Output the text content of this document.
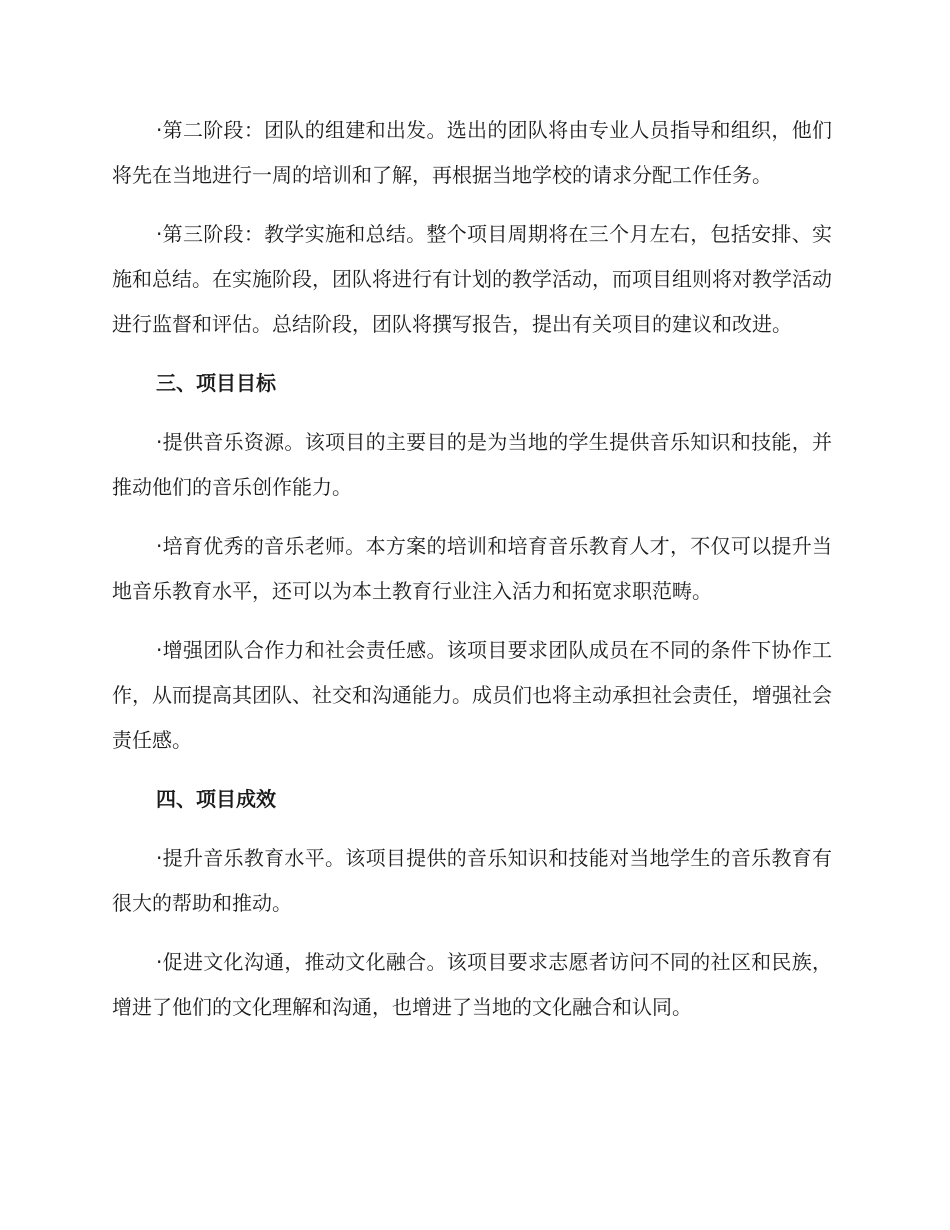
·第二阶段：团队的组建和出发。选出的团队将由专业人员指导和组织，他们将先在当地进行一周的培训和了解，再根据当地学校的请求分配工作任务。

·第三阶段：教学实施和总结。整个项目周期将在三个月左右，包括安排、实施和总结。在实施阶段，团队将进行有计划的教学活动，而项目组则将对教学活动进行监督和评估。总结阶段，团队将撰写报告，提出有关项目的建议和改进。

三、项目目标

·提供音乐资源。该项目的主要目的是为当地的学生提供音乐知识和技能，并推动他们的音乐创作能力。

·培育优秀的音乐老师。本方案的培训和培育音乐教育人才，不仅可以提升当地音乐教育水平，还可以为本土教育行业注入活力和拓宽求职范畴。

·增强团队合作力和社会责任感。该项目要求团队成员在不同的条件下协作工作，从而提高其团队、社交和沟通能力。成员们也将主动承担社会责任，增强社会责任感。

四、项目成效

·提升音乐教育水平。该项目提供的音乐知识和技能对当地学生的音乐教育有很大的帮助和推动。

·促进文化沟通，推动文化融合。该项目要求志愿者访问不同的社区和民族，增进了他们的文化理解和沟通，也增进了当地的文化融合和认同。
